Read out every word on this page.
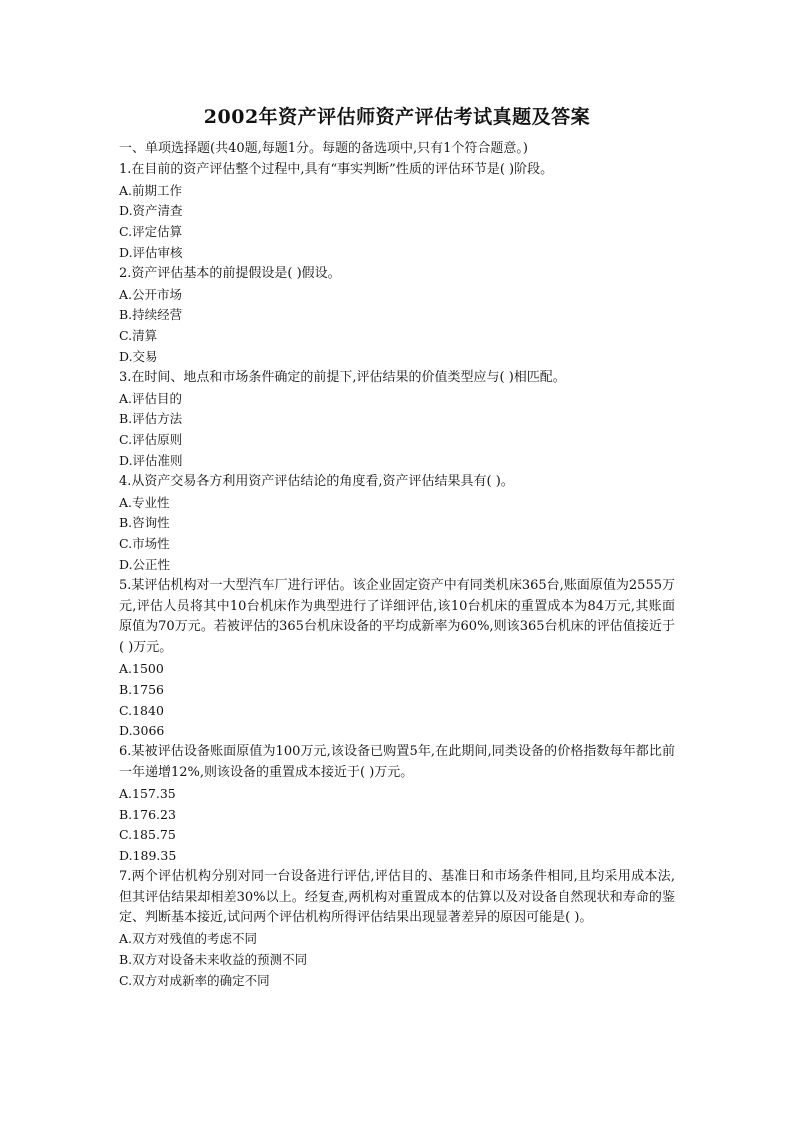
2002年资产评估师资产评估考试真题及答案
一、单项选择题(共40题,每题1分。每题的备选项中,只有1个符合题意。)
1.在目前的资产评估整个过程中,具有“事实判断”性质的评估环节是( )阶段。
A.前期工作
D.资产清查
C.评定估算
D.评估审核
2.资产评估基本的前提假设是( )假设。
A.公开市场
B.持续经营
C.清算
D.交易
3.在时间、地点和市场条件确定的前提下,评估结果的价值类型应与( )相匹配。
A.评估目的
B.评估方法
C.评估原则
D.评估准则
4.从资产交易各方利用资产评估结论的角度看,资产评估结果具有( )。
A.专业性
B.咨询性
C.市场性
D.公正性
5.某评估机构对一大型汽车厂进行评估。该企业固定资产中有同类机床365台,账面原值为2555万元,评估人员将其中10台机床作为典型进行了详细评估,该10台机床的重置成本为84万元,其账面原值为70万元。若被评估的365台机床设备的平均成新率为60%,则该365台机床的评估值接近于( )万元。
A.1500
B.1756
C.1840
D.3066
6.某被评估设备账面原值为100万元,该设备已购置5年,在此期间,同类设备的价格指数每年都比前一年递增12%,则该设备的重置成本接近于( )万元。
A.157.35
B.176.23
C.185.75
D.189.35
7.两个评估机构分别对同一台设备进行评估,评估目的、基准日和市场条件相同,且均采用成本法,但其评估结果却相差30%以上。经复查,两机构对重置成本的估算以及对设备自然现状和寿命的鉴定、判断基本接近,试问两个评估机构所得评估结果出现显著差异的原因可能是( )。
A.双方对残值的考虑不同
B.双方对设备未来收益的预测不同
C.双方对成新率的确定不同
